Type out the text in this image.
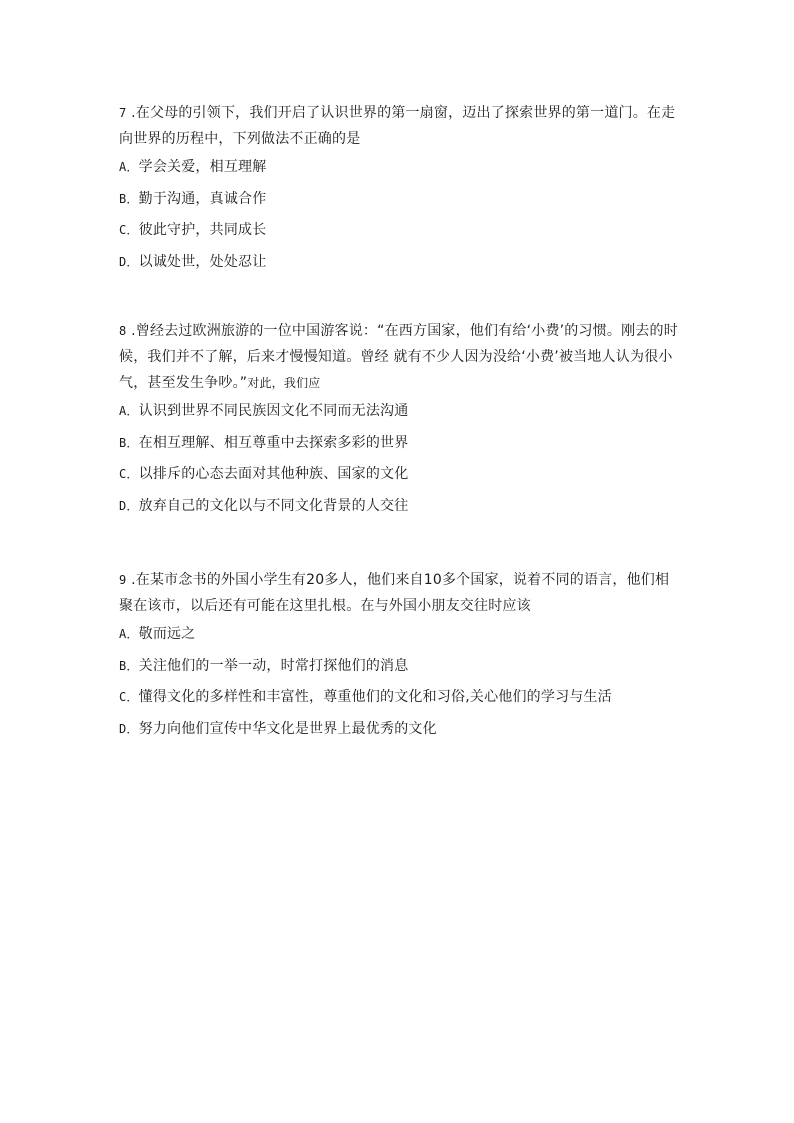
7 .在父母的引领下，我们开启了认识世界的第一扇窗，迈出了探索世界的第一道门。在走向世界的历程中，下列做法不正确的是

A．学会关爱，相互理解
B．勤于沟通，真诚合作
C．彼此守护，共同成长
D．以诚处世，处处忍让

8 .曾经去过欧洲旅游的一位中国游客说：“在西方国家，他们有给‘小费’的习惯。刚去的时候，我们并不了解，后来才慢慢知道。曾经 就有不少人因为没给‘小费’被当地人认为很小气，甚至发生争吵。”对此，我们应

A．认识到世界不同民族因文化不同而无法沟通
B．在相互理解、相互尊重中去探索多彩的世界
C．以排斥的心态去面对其他种族、国家的文化
D．放弃自己的文化以与不同文化背景的人交往

9 .在某市念书的外国小学生有20多人，他们来自10多个国家，说着不同的语言，他们相聚在该市，以后还有可能在这里扎根。在与外国小朋友交往时应该

A．敬而远之
B．关注他们的一举一动，时常打探他们的消息
C．懂得文化的多样性和丰富性，尊重他们的文化和习俗,关心他们的学习与生活
D．努力向他们宣传中华文化是世界上最优秀的文化
